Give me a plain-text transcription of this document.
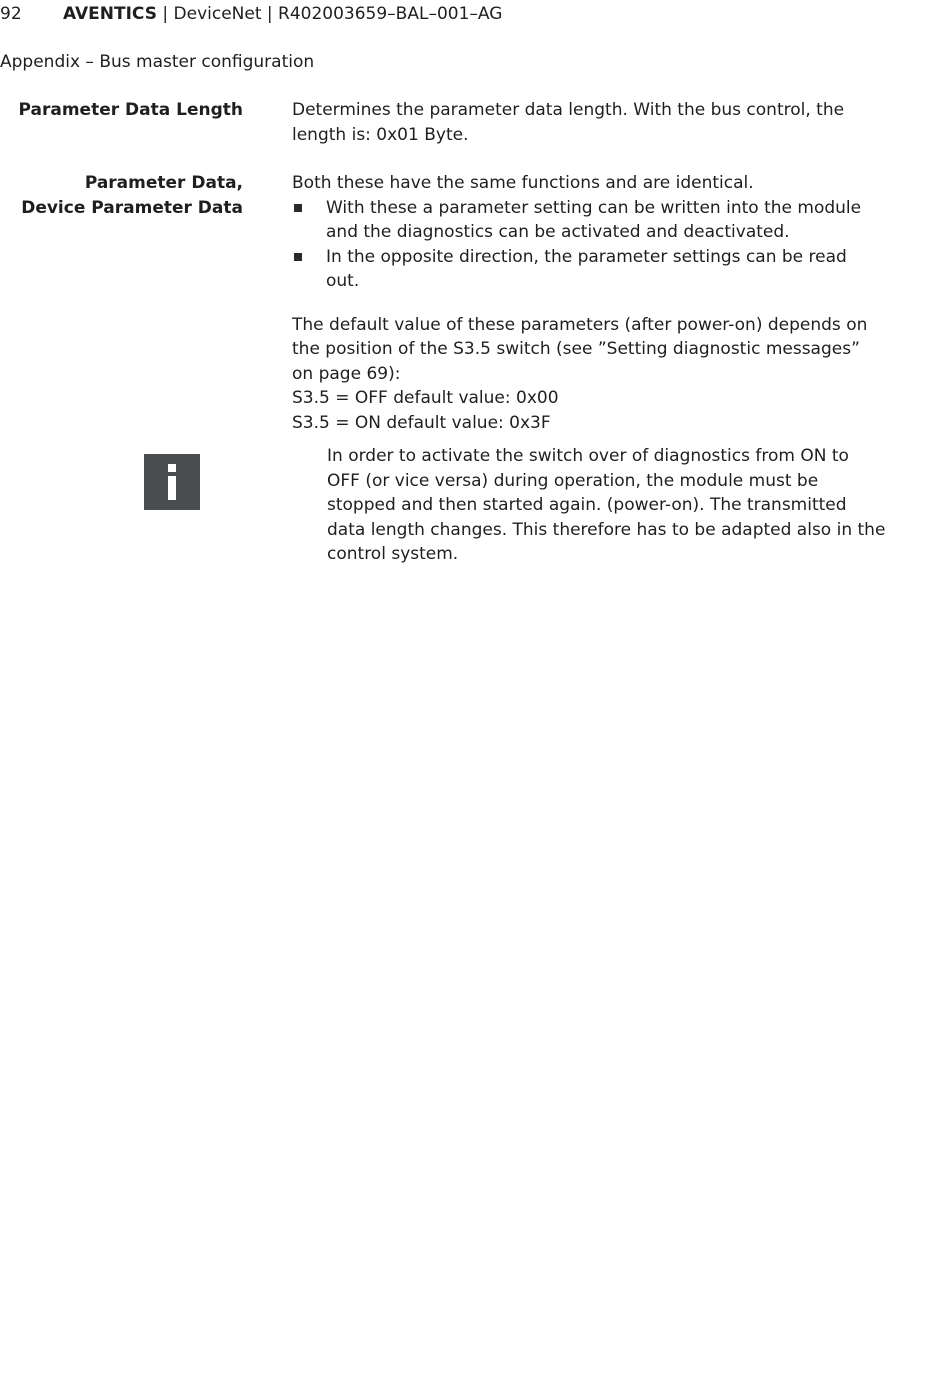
92 AVENTICS | DeviceNet | R402003659–BAL–001–AG
Appendix – Bus master configuration
Parameter Data Length	Determines the parameter data length. With the bus control, the length is: 0x01 Byte.

Parameter Data,
Device Parameter Data

Both these have the same functions and are identical.

With these a parameter setting can be written into the module and the diagnostics can be activated and deactivated.
In the opposite direction, the parameter settings can be read out.

The default value of these parameters (after power-on) depends on the position of the S3.5 switch (see ”Setting diagnostic messages” on page 69):

S3.5 = OFF default value: 0x00

S3.5 = ON default value: 0x3F

In order to activate the switch over of diagnostics from ON to OFF (or vice versa) during operation, the module must be stopped and then started again. (power-on). The transmitted data length changes. This therefore has to be adapted also in the control system.
